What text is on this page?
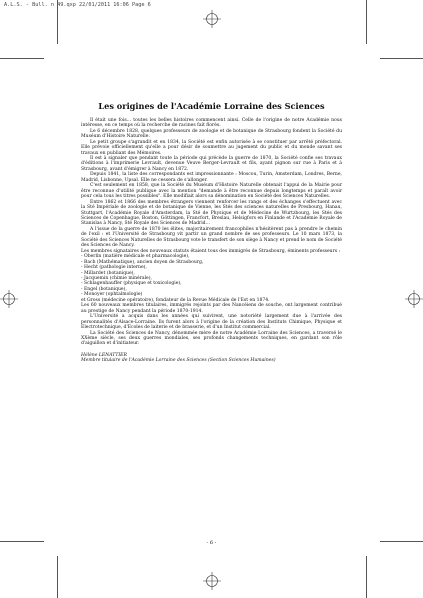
A.L.S. - Bull. n 49.qxp 22/01/2011 16:06 Page 6
Les origines de l'Académie Lorraine des Sciences

Il était une fois… toutes les belles histoires commencent ainsi. Celle de l'origine de notre Académie nous intéresse, en ce temps où la recherche de racines fait florès.

Le 6 décembre 1828, quelques professeurs de zoologie et de botanique de Strasbourg fondent la Société du Muséum d'Histoire Naturelle.

Le petit groupe s'agrandit et en 1834, la Société est enfin autorisée à se constituer par arrêté préfectoral. Elle prévoie officiellement qu'elle a pour désir de soumettre au jugement du public et du monde savant ses travaux en publiant des Mémoires.

Il est à signaler que pendant toute la période qui précède la guerre de 1870, la Société confie ses travaux d'éditions à l'imprimerie Levrault, devenue Veuve Berger-Levrault et fils, ayant pignon sur rue à Paris et à Strasbourg, avant d'émigrer à Nancy en 1872.

Depuis 1841, la liste des correspondants est impressionnante : Moscou, Turin, Amsterdam, Londres, Berne, Madrid, Lisbonne, Upsal. Elle ne cessera de s'allonger.

C'est seulement en 1858, que la Société du Muséum d'Histoire Naturelle obtenait l'appui de la Mairie pour être reconnue d'utilité publique avec la mention "demande à être reconnue depuis longtemps et paraît avoir pour cela tous les titres possibles". Elle modifiait alors sa dénomination en Société des Sciences Naturelles.

Entre 1862 et 1866 des membres étrangers viennent renforcer les rangs et des échanges s'effectuent avec la Sté Impériale de zoologie et de botanique de Vienne, les Stés des sciences naturelles de Presbourg, Hanau, Stuttgart, l'Académie Royale d'Amsterdam, la Sté de Physique et de Médecine de Wurtzbourg, les Stés des Sciences de Copenhague, Boston, Göttingen, Francfort, Breslau, Helsigfors en Finlande et l'Académie Royale de Stanislas à Nancy, Sté Royale des Sciences de Madrid…

A l'issue de la guerre de 1870 les élites, majoritairement francophiles n'hésitèrent pas à prendre le chemin de l'exil : et l'Université de Strasbourg vit partir un grand nombre de ses professeurs. Le 10 mars 1873, la Société des Sciences Naturelles de Strasbourg vote le transfert de son siège à Nancy et prend le nom de Société des Sciences de Nancy.

Les membres signataires des nouveaux statuts étaient tous des immigrés de Strasbourg, éminents professeurs :

- Oberlin (matière médicale et pharmacologie),
- Bach (Mathématique), ancien doyen de Strasbourg,
- Hecht (pathologie interne),
- Millardet (botanique),
- Jacquemin (chimie minérale),
- Schlagenhauffer (physique et toxicologie),
- Engel (botanique),
- Monoyer (ophtalmologie)

et Gross (médecine opératoire), fondateur de la Revue Médicale de l'Est en 1874.

Les 60 nouveaux membres titulaires, immigrés rejoints par des Nancéiens de souche, ont largement contribué au prestige de Nancy pendant la période 1870-1914.

L'Université a acquis dans les années qui suivirent, une notoriété largement due à l'arrivée des personnalités d'Alsace-Lorraine. Ils furent alors à l'origine de la création des Instituts Chimique, Physique et Electrotechnique, d'Ecoles de laiterie et de brasserie, et d'un Institut commercial.

La Société des Sciences de Nancy, dénommée mère de notre Académie Lorraine des Sciences, a traversé le XXème siècle, ses deux guerres mondiales, ses profonds changements techniques, en gardant son rôle d'aiguillon et d'initiateur.

Hélène LENATTIER
Membre titulaire de l'Académie Lorraine des Sciences (Section Sciences Humaines)
- 6 -
